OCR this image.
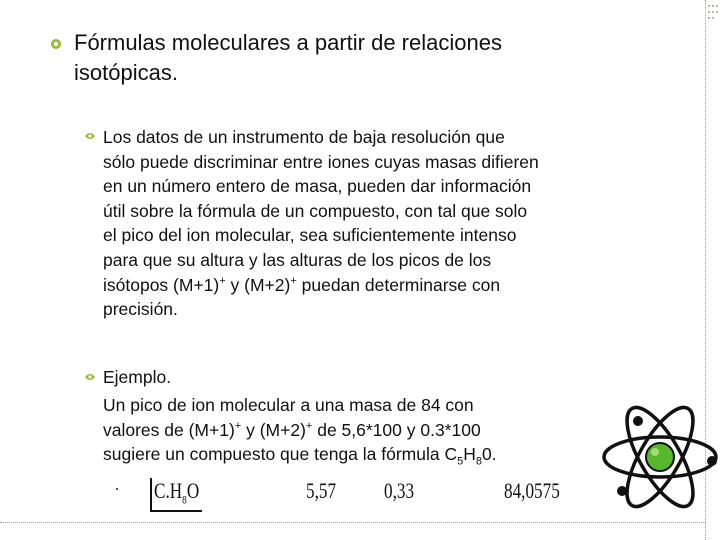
Fórmulas moleculares a partir de relaciones
isotópicas.
Los datos de un instrumento de baja resolución que
sólo puede discriminar entre iones cuyas masas difieren
en un número entero de masa, pueden dar información
útil sobre la fórmula de un compuesto, con tal que solo
el pico del ion molecular, sea suficientemente intenso
para que su altura y las alturas de los picos de los
isótopos (M+1)+ y (M+2)+ puedan determinarse con
precisión.
Ejemplo.
Un pico de ion molecular a una masa de 84 con
valores de (M+1)+ y (M+2)+ de 5,6*100 y 0.3*100
sugiere un compuesto que tenga la fórmula $C_5H_80$.
$C.H_8O$	5,57 0,33	84,0575
